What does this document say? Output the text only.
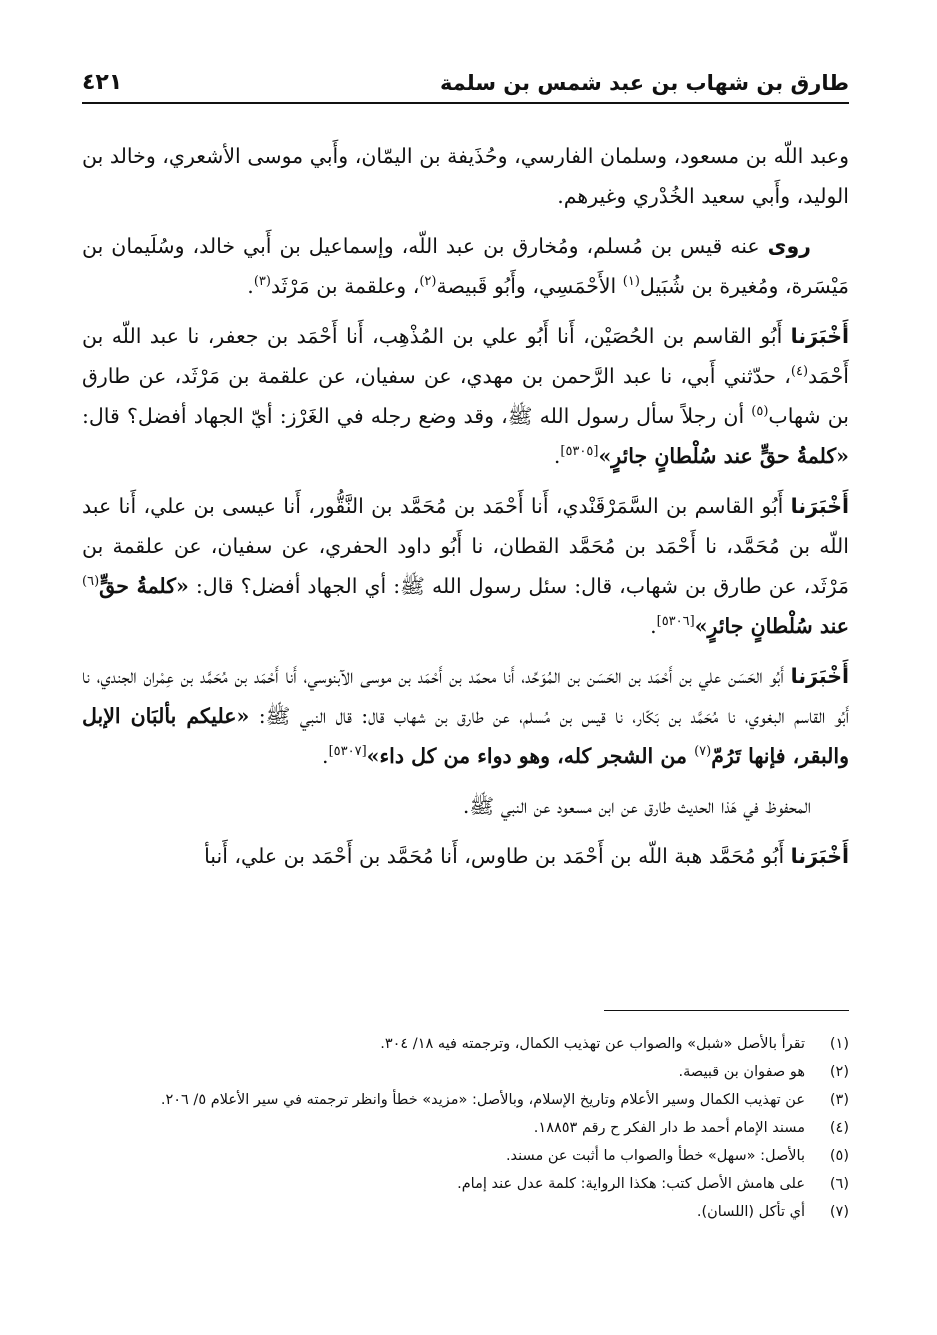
طارق بن شهاب بن عبد شمس بن سلمة
٤٢١

وعبد اللّه بن مسعود، وسلمان الفارسي، وحُذَيفة بن اليمّان، وأَبي موسى الأشعري، وخالد بن الوليد، وأَبي سعيد الخُدْري وغيرهم.

روى عنه قيس بن مُسلم، ومُخارق بن عبد اللّه، وإسماعيل بن أَبي خالد، وسُلَيمان بن مَيْسَرة، ومُغيرة بن شُبَيل$^{(١)}$ الأَحْمَسِي، وأَبُو قَبيصة$^{(٢)}$، وعلقمة بن مَرْثَد$^{(٣)}$.

أَخْبَرَنا أَبُو القاسم بن الحُصَيْن، أَنا أَبُو علي بن المُذْهِب، أَنا أَحْمَد بن جعفر، نا عبد اللّه بن أَحْمَد$^{(٤)}$، حدّثني أَبي، نا عبد الرَّحمن بن مهدي، عن سفيان، عن علقمة بن مَرْثَد، عن طارق بن شهاب$^{(٥)}$ أن رجلاً سأل رسول الله ﷺ، وقد وضع رجله في الغَرْز: أيّ الجهاد أفضل؟ قال: «كلمةُ حقٍّ عند سُلْطانٍ جائرٍ»[٥٣٠٥].

أَخْبَرَنا أَبُو القاسم بن السَّمَرْقَنْدي، أَنا أَحْمَد بن مُحَمَّد بن النَّقُّور، أَنا عيسى بن علي، أَنا عبد اللّه بن مُحَمَّد، نا أَحْمَد بن مُحَمَّد القطان، نا أَبُو داود الحفري، عن سفيان، عن علقمة بن مَرْثَد، عن طارق بن شهاب، قال: سئل رسول الله ﷺ: أي الجهاد أفضل؟ قال: «كلمةُ حقٍّ$^{(٦)}$ عند سُلْطانٍ جائرٍ»[٥٣٠٦].

أَخْبَرَنا أَبُو الحَسَن علي بن أَحْمَد بن الحَسَن بن المُوَحِّد، أَنا محمّد بن أَحْمَد بن موسى الآبنوسي، أَنا أَحْمَد بن مُحَمَّد بن عِمْران الجندي، نا أَبُو القاسم البغوي، نا مُحَمَّد بن بَكّار، نا قيس بن مُسلم، عن طارق بن شهاب قال: قال النبي ﷺ: «عليكم بألبَان الإبل والبقر، فإنها تَرُمّ$^{(٧)}$ من الشجر كله، وهو دواء من كل داء»[٥٣٠٧].

المحفوظ في هَذا الحديث طارق عن ابن مسعود عن النبي ﷺ.

أَخْبَرَنا أَبُو مُحَمَّد هبة اللّه بن أَحْمَد بن طاوس، أَنا مُحَمَّد بن أَحْمَد بن علي، أَنبأ

(١)
تقرأ بالأصل «شبل» والصواب عن تهذيب الكمال، وترجمته فيه ١٨/ ٣٠٤.
(٢)
هو صفوان بن قبيصة.
(٣)
عن تهذيب الكمال وسير الأعلام وتاريخ الإسلام، وبالأصل: «مزيد» خطأ وانظر ترجمته في سير الأعلام ٥/ ٢٠٦.
(٤)
مسند الإمام أحمد ط دار الفكر ح رقم ١٨٨٥٣.
(٥)
بالأصل: «سهل» خطأ والصواب ما أثبت عن مسند.
(٦)
على هامش الأصل كتب: هكذا الرواية: كلمة عدل عند إمام.
(٧)
أي تأكل (اللسان).
